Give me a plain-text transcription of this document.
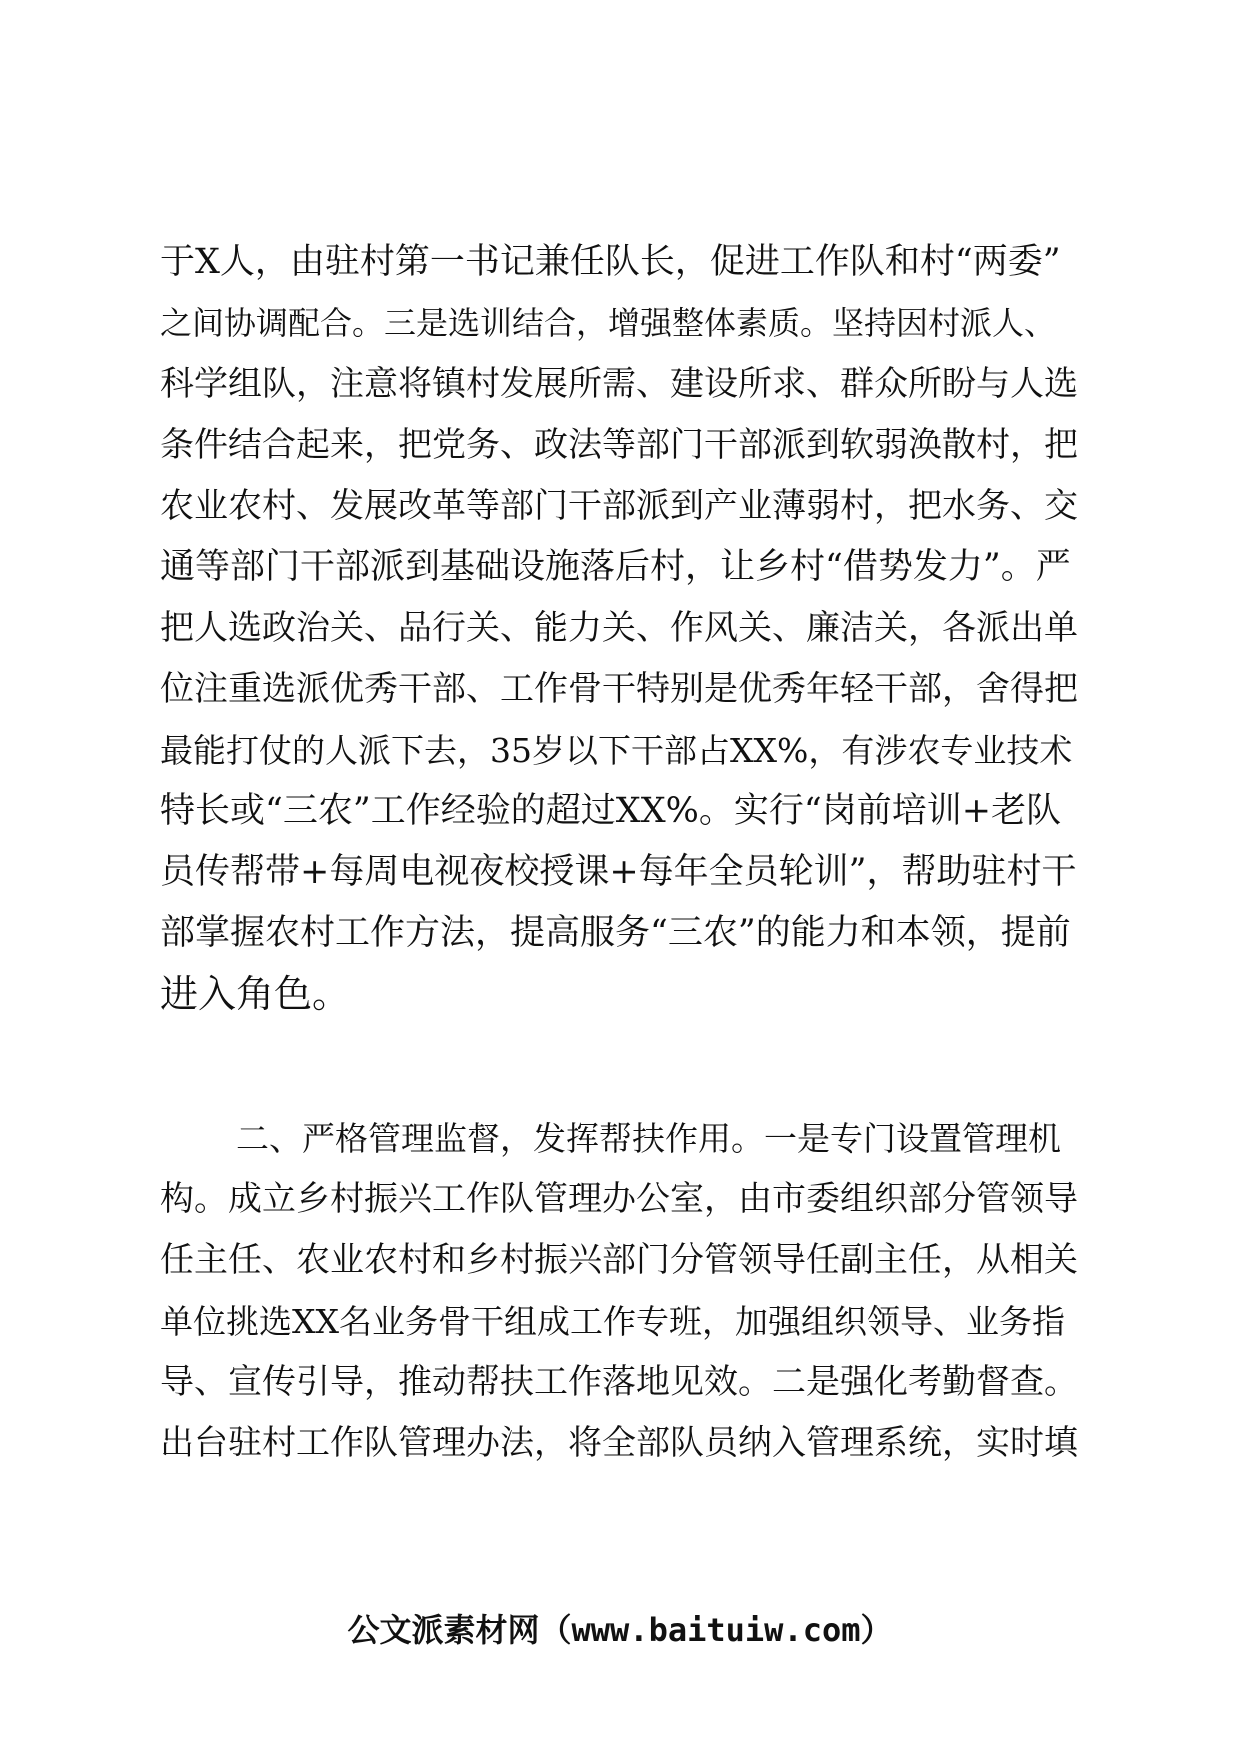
于X人，由驻村第一书记兼任队长，促进工作队和村“两委”
之间协调配合。三是选训结合，增强整体素质。坚持因村派人、
科学组队，注意将镇村发展所需、建设所求、群众所盼与人选
条件结合起来，把党务、政法等部门干部派到软弱涣散村，把
农业农村、发展改革等部门干部派到产业薄弱村，把水务、交
通等部门干部派到基础设施落后村，让乡村“借势发力”。严
把人选政治关、品行关、能力关、作风关、廉洁关，各派出单
位注重选派优秀干部、工作骨干特别是优秀年轻干部，舍得把
最能打仗的人派下去，35岁以下干部占XX%，有涉农专业技术
特长或“三农”工作经验的超过XX%。实行“岗前培训+老队
员传帮带+每周电视夜校授课+每年全员轮训”，帮助驻村干
部掌握农村工作方法，提高服务“三农”的能力和本领，提前
进入角色。
二、严格管理监督，发挥帮扶作用。一是专门设置管理机
构。成立乡村振兴工作队管理办公室，由市委组织部分管领导
任主任、农业农村和乡村振兴部门分管领导任副主任，从相关
单位挑选XX名业务骨干组成工作专班，加强组织领导、业务指
导、宣传引导，推动帮扶工作落地见效。二是强化考勤督查。
出台驻村工作队管理办法，将全部队员纳入管理系统，实时填
公文派素材网（www.baituiw.com）
